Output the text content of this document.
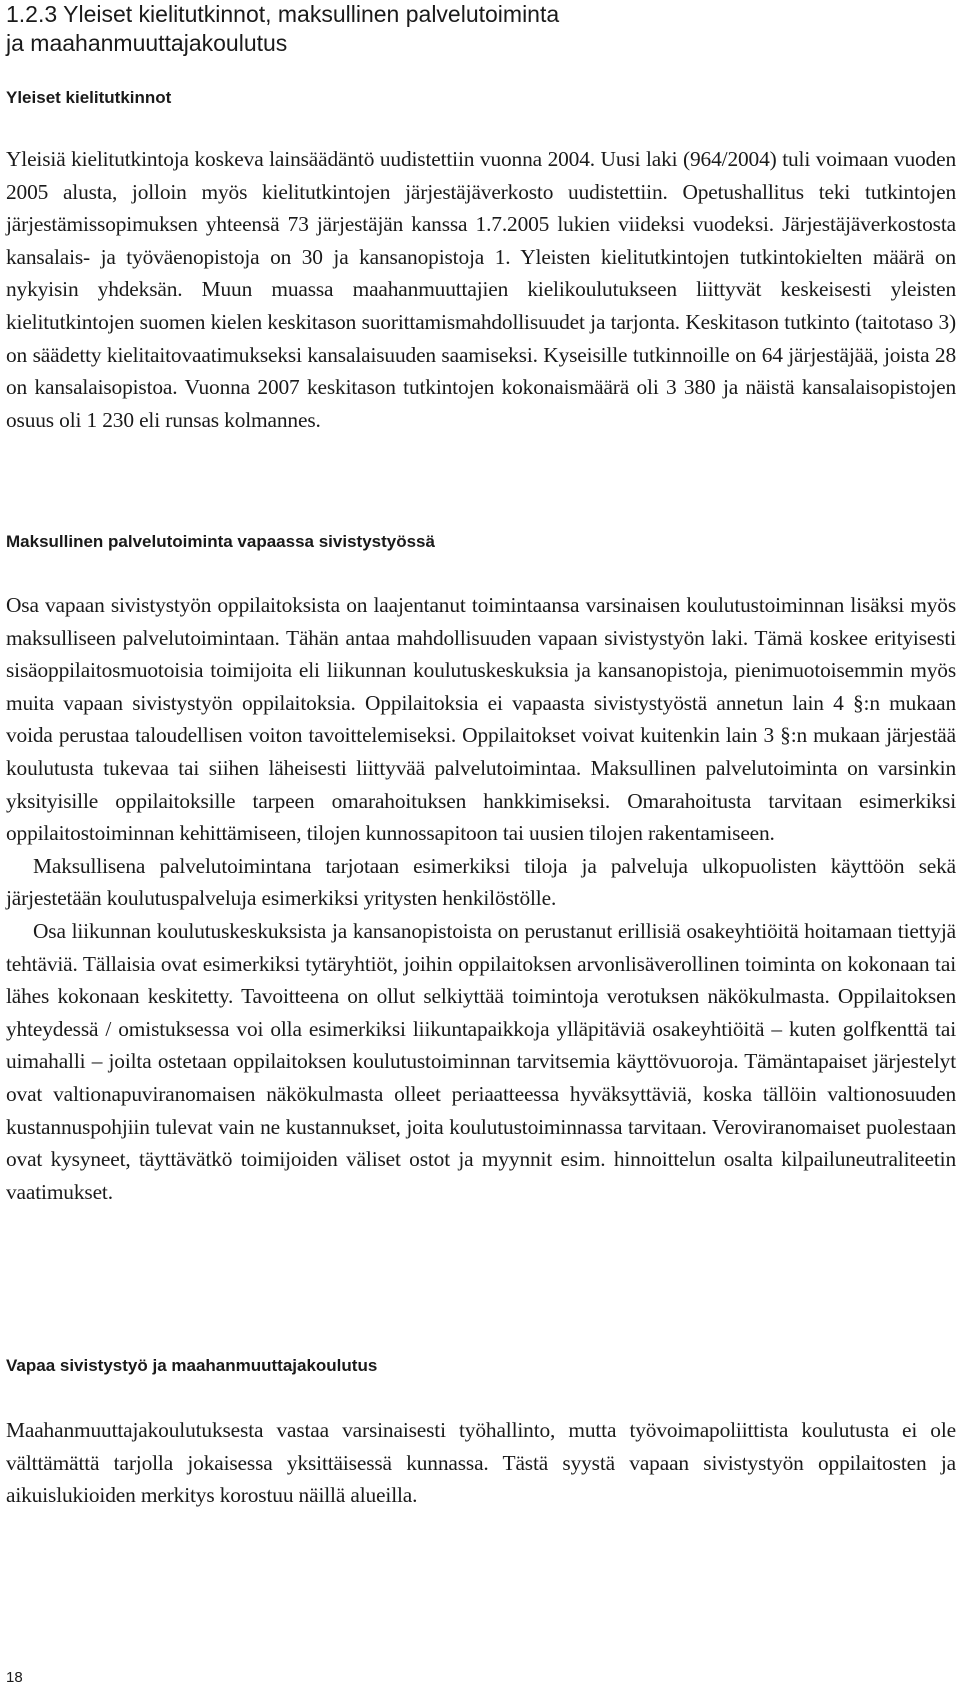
1.2.3 Yleiset kielitutkinnot, maksullinen palvelutoiminta
ja maahanmuuttajakoulutus
Yleiset kielitutkinnot

Yleisiä kielitutkintoja koskeva lainsäädäntö uudistettiin vuonna 2004. Uusi laki (964/2004) tuli voimaan vuoden 2005 alusta, jolloin myös kielitutkintojen järjestäjäverkosto uudistettiin. Opetushallitus teki tutkintojen järjestämissopimuksen yhteensä 73 järjestäjän kanssa 1.7.2005 lukien viideksi vuodeksi. Järjestäjäverkostosta kansalais- ja työväenopistoja on 30 ja kansanopistoja 1. Yleisten kielitutkintojen tutkintokielten määrä on nykyisin yhdeksän. Muun muassa maahanmuuttajien kielikoulutukseen liittyvät keskeisesti yleisten kielitutkintojen suomen kielen keskitason suorittamismahdollisuudet ja tarjonta. Keskitason tutkinto (taitotaso 3) on säädetty kielitaitovaatimukseksi kansalaisuuden saamiseksi. Kyseisille tutkinnoille on 64 järjestäjää, joista 28 on kansalaisopistoa. Vuonna 2007 keskitason tutkintojen kokonaismäärä oli 3 380 ja näistä kansalaisopistojen osuus oli 1 230 eli runsas kolmannes.

Maksullinen palvelutoiminta vapaassa sivistystyössä

Osa vapaan sivistystyön oppilaitoksista on laajentanut toimintaansa varsinaisen koulutustoiminnan lisäksi myös maksulliseen palvelutoimintaan. Tähän antaa mahdollisuuden vapaan sivistystyön laki. Tämä koskee erityisesti sisäoppilaitosmuotoisia toimijoita eli liikunnan koulutuskeskuksia ja kansanopistoja, pienimuotoisemmin myös muita vapaan sivistystyön oppilaitoksia. Oppilaitoksia ei vapaasta sivistystyöstä annetun lain 4 §:n mukaan voida perustaa taloudellisen voiton tavoittelemiseksi. Oppilaitokset voivat kuitenkin lain 3 §:n mukaan järjestää koulutusta tukevaa tai siihen läheisesti liittyvää palvelutoimintaa. Maksullinen palvelutoiminta on varsinkin yksityisille oppilaitoksille tarpeen omarahoituksen hankkimiseksi. Omarahoitusta tarvitaan esimerkiksi oppilaitostoiminnan kehittämiseen, tilojen kunnossapitoon tai uusien tilojen rakentamiseen.

Maksullisena palvelutoimintana tarjotaan esimerkiksi tiloja ja palveluja ulkopuolisten käyttöön sekä järjestetään koulutuspalveluja esimerkiksi yritysten henkilöstölle.

Osa liikunnan koulutuskeskuksista ja kansanopistoista on perustanut erillisiä osakeyhtiöitä hoitamaan tiettyjä tehtäviä. Tällaisia ovat esimerkiksi tytäryhtiöt, joihin oppilaitoksen arvonlisäverollinen toiminta on kokonaan tai lähes kokonaan keskitetty. Tavoitteena on ollut selkiyttää toimintoja verotuksen näkökulmasta. Oppilaitoksen yhteydessä / omistuksessa voi olla esimerkiksi liikuntapaikkoja ylläpitäviä osakeyhtiöitä – kuten golfkenttä tai uimahalli – joilta ostetaan oppilaitoksen koulutustoiminnan tarvitsemia käyttövuoroja. Tämäntapaiset järjestelyt ovat valtionapuviranomaisen näkökulmasta olleet periaatteessa hyväksyttäviä, koska tällöin valtionosuuden kustannuspohjiin tulevat vain ne kustannukset, joita koulutustoiminnassa tarvitaan. Veroviranomaiset puolestaan ovat kysyneet, täyttävätkö toimijoiden väliset ostot ja myynnit esim. hinnoittelun osalta kilpailuneutraliteetin vaatimukset.

Vapaa sivistystyö ja maahanmuuttajakoulutus

Maahanmuuttajakoulutuksesta vastaa varsinaisesti työhallinto, mutta työvoimapoliittista koulutusta ei ole välttämättä tarjolla jokaisessa yksittäisessä kunnassa. Tästä syystä vapaan sivistystyön oppilaitosten ja aikuislukioiden merkitys korostuu näillä alueilla.

18
